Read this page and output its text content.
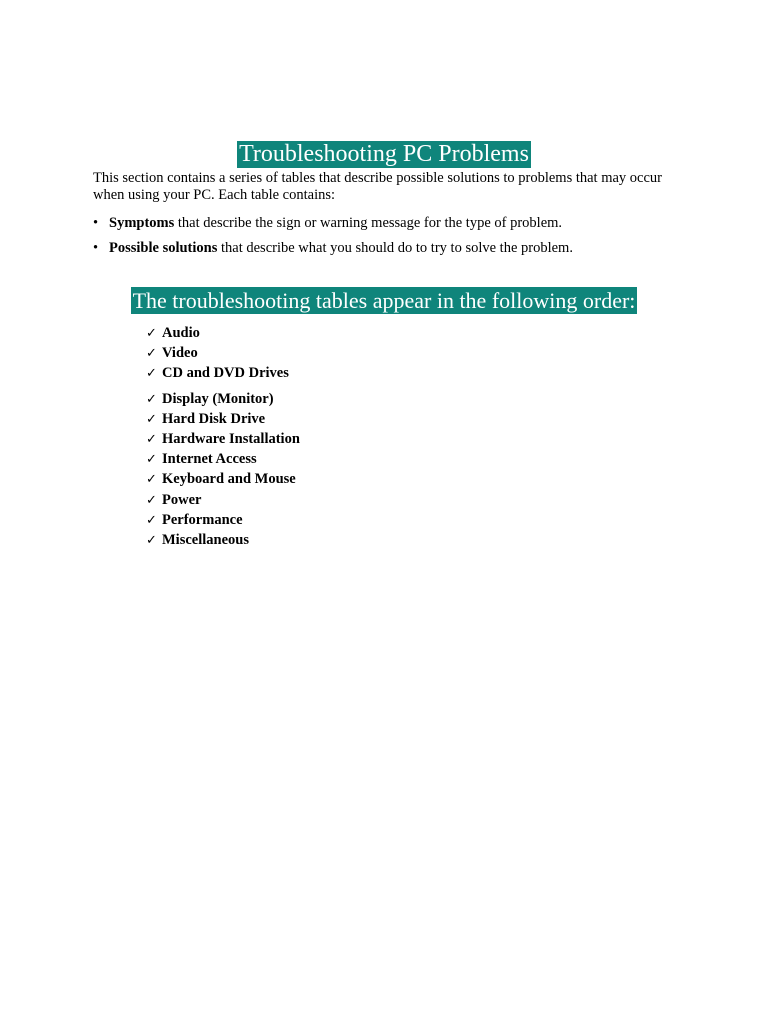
Troubleshooting PC Problems

This section contains a series of tables that describe possible solutions to problems that may occur when using your PC. Each table contains:

• Symptoms that describe the sign or warning message for the type of problem.
• Possible solutions that describe what you should do to try to solve the problem.
The troubleshooting tables appear in the following order:
✓ Audio
✓ Video
✓ CD and DVD Drives
✓ Display (Monitor)
✓ Hard Disk Drive
✓ Hardware Installation
✓ Internet Access
✓ Keyboard and Mouse
✓ Power
✓ Performance
✓ Miscellaneous
